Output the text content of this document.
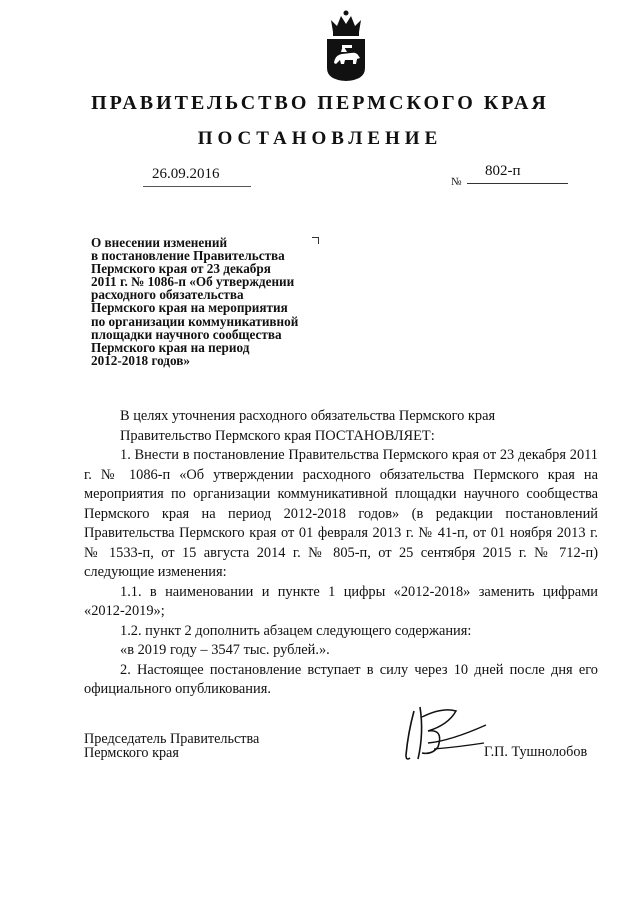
ПРАВИТЕЛЬСТВО ПЕРМСКОГО КРАЯ
ПОСТАНОВЛЕНИЕ
26.09.2016	№
802-п
О внесении изменений
в постановление Правительства
Пермского края от 23 декабря
2011 г. № 1086-п «Об утверждении
расходного обязательства
Пермского края на мероприятия
по организации коммуникативной
площадки научного сообщества
Пермского края на период
2012-2018 годов»

В целях уточнения расходного обязательства Пермского края

Правительство Пермского края ПОСТАНОВЛЯЕТ:

1. Внести в постановление Правительства Пермского края от 23 декабря 2011 г. № 1086-п «Об утверждении расходного обязательства Пермского края на мероприятия по организации коммуникативной площадки научного сообщества Пермского края на период 2012-2018 годов» (в редакции постановлений Правительства Пермского края от 01 февраля 2013 г. № 41-п, от 01 ноября 2013 г. № 1533-п, от 15 августа 2014 г. № 805-п, от 25 сентября 2015 г. № 712-п) следующие изменения:

1.1. в наименовании и пункте 1 цифры «2012-2018» заменить цифрами «2012-2019»;

1.2. пункт 2 дополнить абзацем следующего содержания:

«в 2019 году – 3547 тыс. рублей.».

2. Настоящее постановление вступает в силу через 10 дней после дня его официального опубликования.

Председатель Правительства
Пермского края	Г.П. Тушнолобов
